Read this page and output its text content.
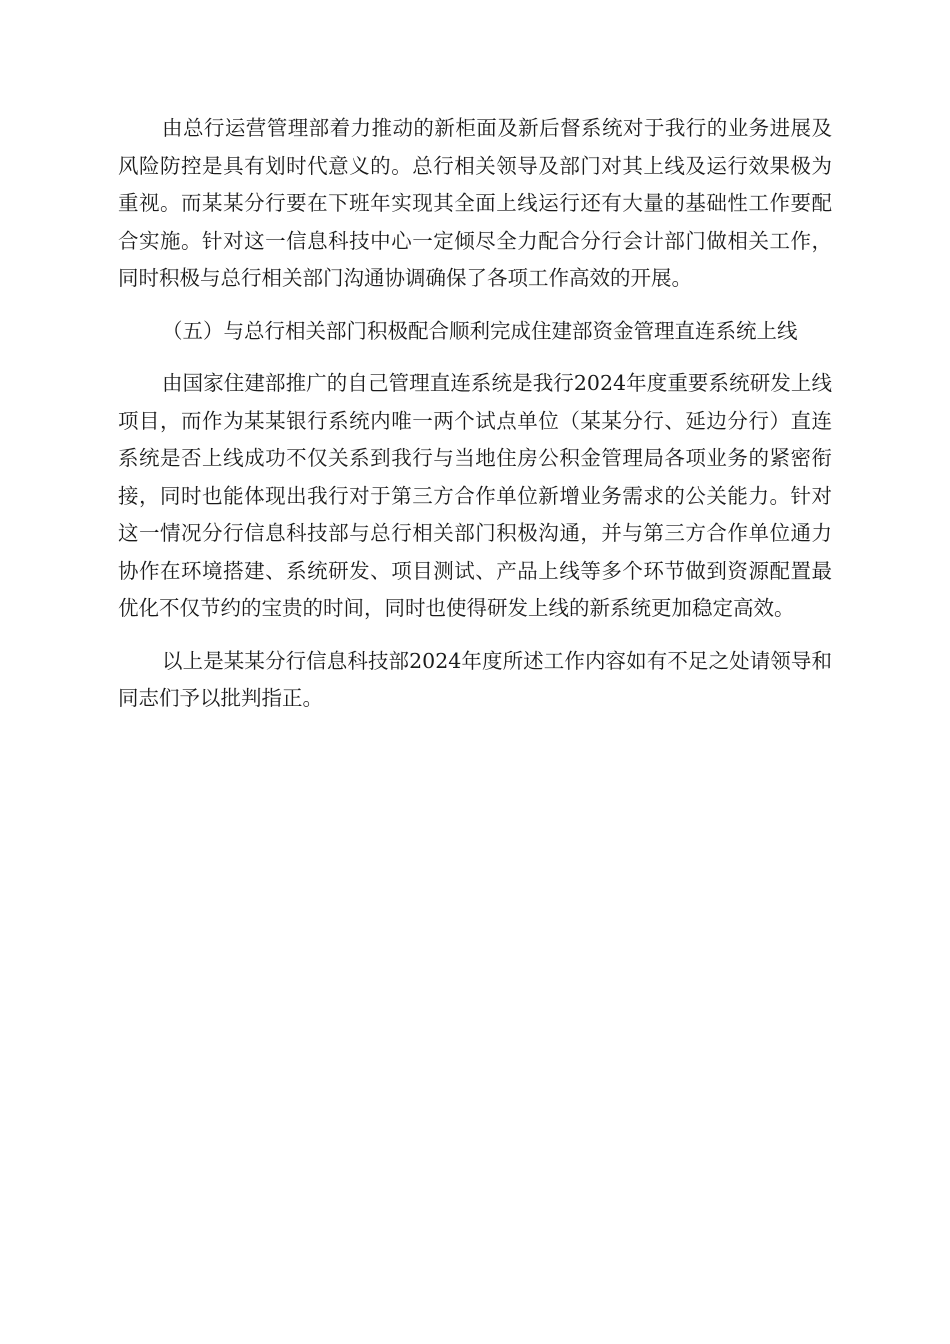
由总行运营管理部着力推动的新柜面及新后督系统对于我行的业务进展及风险防控是具有划时代意义的。总行相关领导及部门对其上线及运行效果极为重视。而某某分行要在下班年实现其全面上线运行还有大量的基础性工作要配合实施。针对这一信息科技中心一定倾尽全力配合分行会计部门做相关工作，同时积极与总行相关部门沟通协调确保了各项工作高效的开展。

（五）与总行相关部门积极配合顺利完成住建部资金管理直连系统上线

由国家住建部推广的自己管理直连系统是我行2024年度重要系统研发上线项目，而作为某某银行系统内唯一两个试点单位（某某分行、延边分行）直连系统是否上线成功不仅关系到我行与当地住房公积金管理局各项业务的紧密衔接，同时也能体现出我行对于第三方合作单位新增业务需求的公关能力。针对这一情况分行信息科技部与总行相关部门积极沟通，并与第三方合作单位通力协作在环境搭建、系统研发、项目测试、产品上线等多个环节做到资源配置最优化不仅节约的宝贵的时间，同时也使得研发上线的新系统更加稳定高效。

以上是某某分行信息科技部2024年度所述工作内容如有不足之处请领导和同志们予以批判指正。
